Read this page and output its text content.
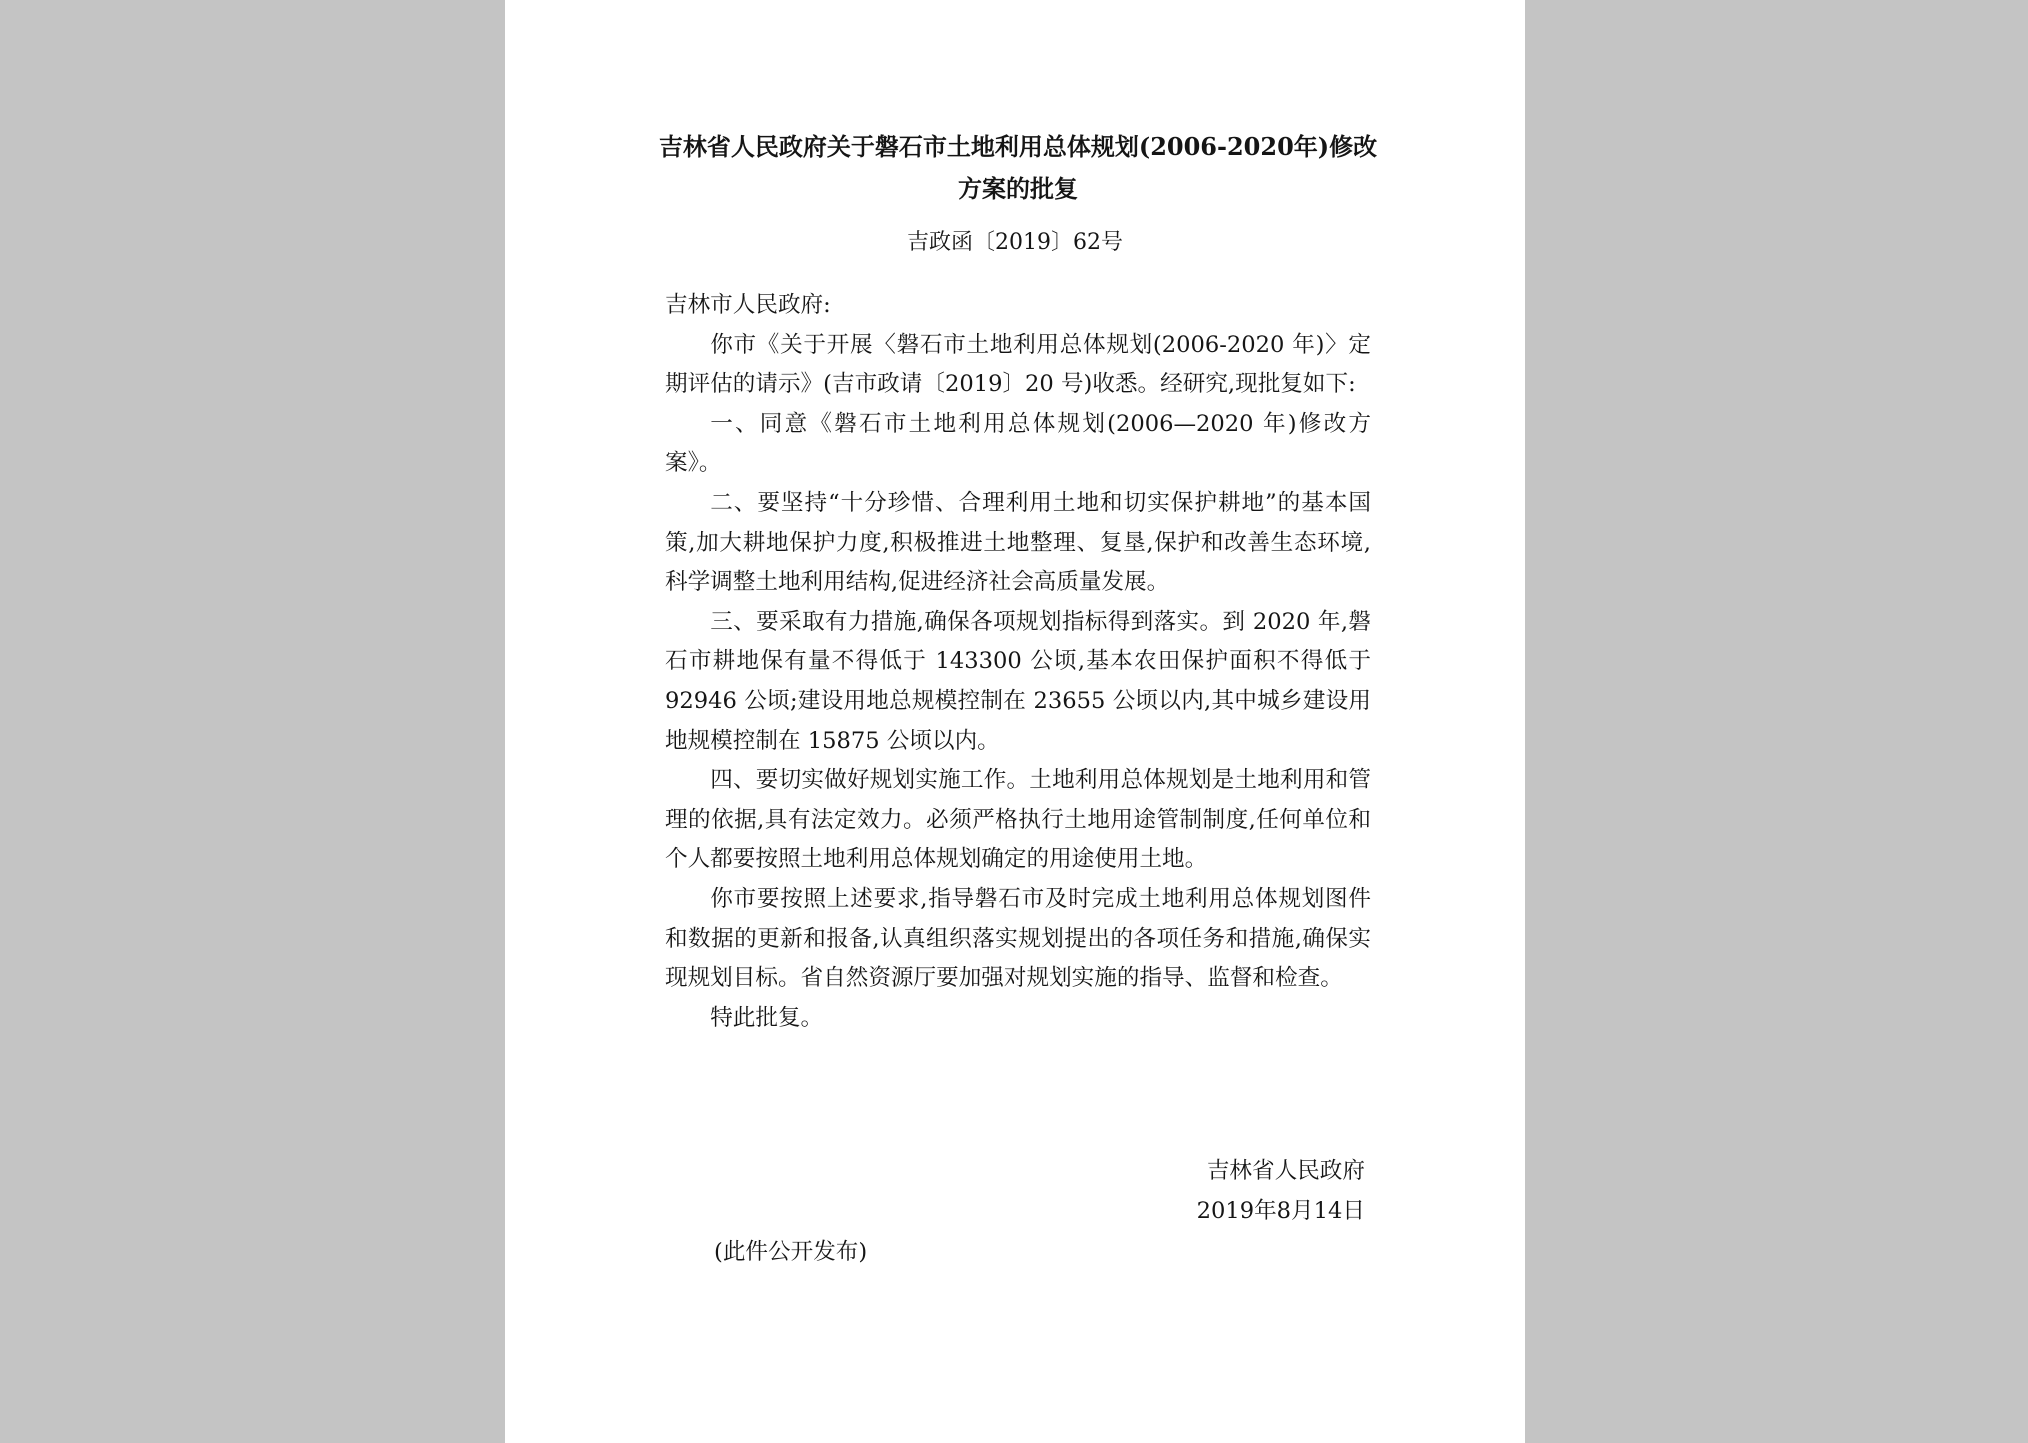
吉林省人民政府关于磐石市土地利用总体规划(2006-2020年)修改
方案的批复
吉政函〔2019〕62号

吉林市人民政府:

你市《关于开展〈磐石市土地利用总体规划(2006-2020 年)〉定期评估的请示》(吉市政请〔2019〕20 号)收悉。经研究,现批复如下:

一、同意《磐石市土地利用总体规划(2006—2020 年)修改方案》。

二、要坚持“十分珍惜、合理利用土地和切实保护耕地”的基本国策,加大耕地保护力度,积极推进土地整理、复垦,保护和改善生态环境,科学调整土地利用结构,促进经济社会高质量发展。

三、要采取有力措施,确保各项规划指标得到落实。到 2020 年,磐石市耕地保有量不得低于 143300 公顷,基本农田保护面积不得低于 92946 公顷;建设用地总规模控制在 23655 公顷以内,其中城乡建设用地规模控制在 15875 公顷以内。

四、要切实做好规划实施工作。土地利用总体规划是土地利用和管理的依据,具有法定效力。必须严格执行土地用途管制制度,任何单位和个人都要按照土地利用总体规划确定的用途使用土地。

你市要按照上述要求,指导磐石市及时完成土地利用总体规划图件和数据的更新和报备,认真组织落实规划提出的各项任务和措施,确保实现规划目标。省自然资源厅要加强对规划实施的指导、监督和检查。

特此批复。

吉林省人民政府
2019年8月14日
(此件公开发布)
